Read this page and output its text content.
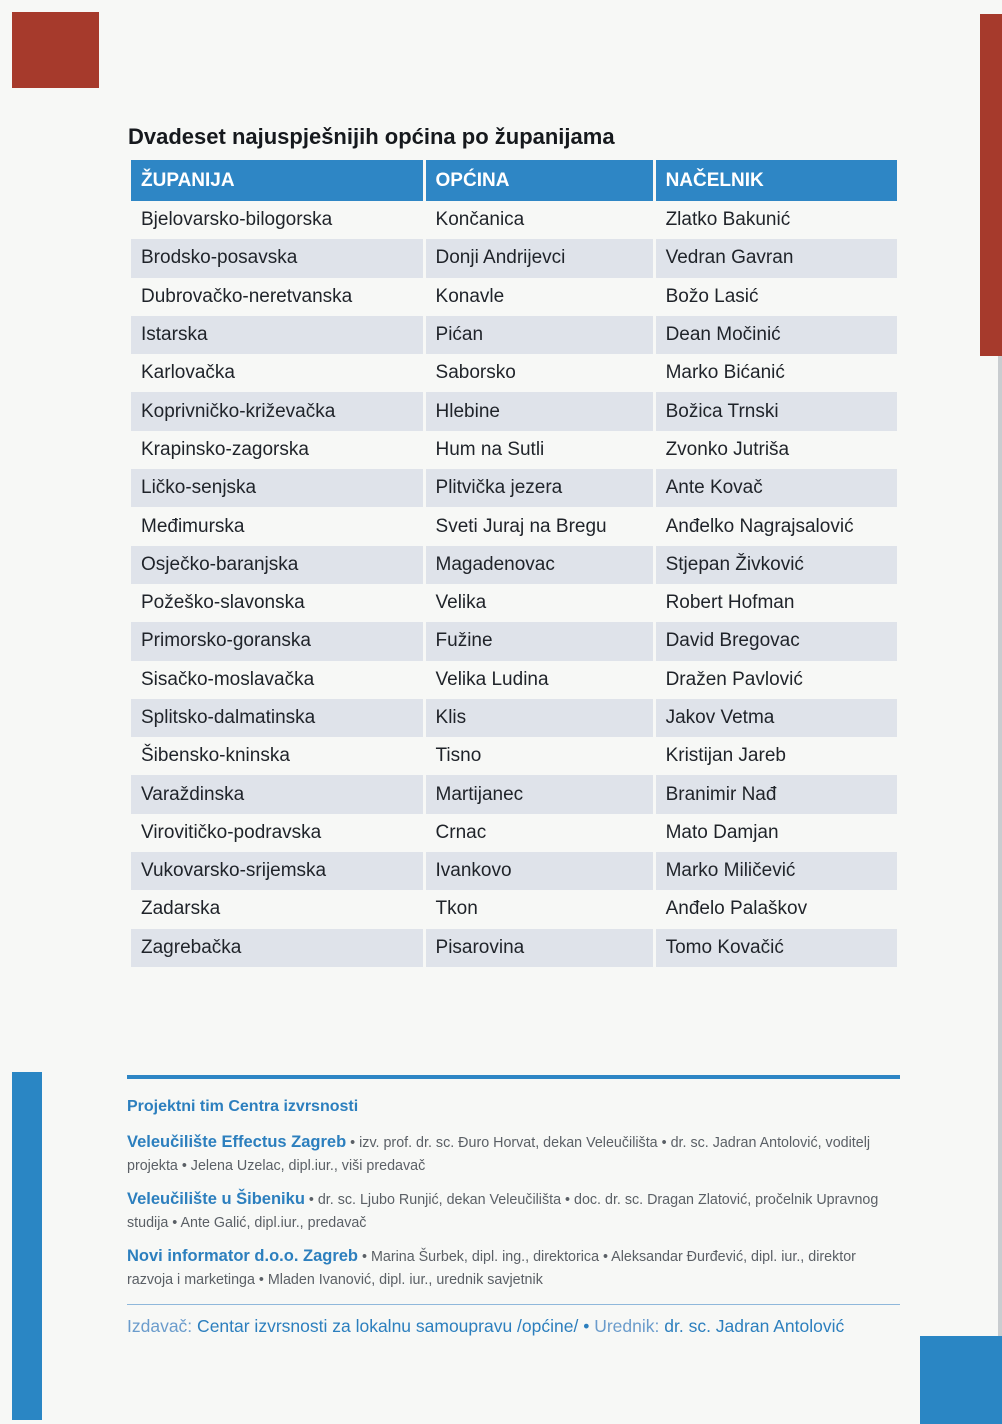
Dvadeset najuspješnijih općina po županijama
ŽUPANIJA	OPĆINA	NAČELNIK
Bjelovarsko-bilogorska	Končanica	Zlatko Bakunić
Brodsko-posavska	Donji Andrijevci	Vedran Gavran
Dubrovačko-neretvanska	Konavle	Božo Lasić
Istarska	Pićan	Dean Močinić
Karlovačka	Saborsko	Marko Bićanić
Koprivničko-križevačka	Hlebine	Božica Trnski
Krapinsko-zagorska	Hum na Sutli	Zvonko Jutriša
Ličko-senjska	Plitvička jezera	Ante Kovač
Međimurska	Sveti Juraj na Bregu	Anđelko Nagrajsalović
Osječko-baranjska	Magadenovac	Stjepan Živković
Požeško-slavonska	Velika	Robert Hofman
Primorsko-goranska	Fužine	David Bregovac
Sisačko-moslavačka	Velika Ludina	Dražen Pavlović
Splitsko-dalmatinska	Klis	Jakov Vetma
Šibensko-kninska	Tisno	Kristijan Jareb
Varaždinska	Martijanec	Branimir Nađ
Virovitičko-podravska	Crnac	Mato Damjan
Vukovarsko-srijemska	Ivankovo	Marko Miličević
Zadarska	Tkon	Anđelo Palaškov
Zagrebačka	Pisarovina	Tomo Kovačić
Projektni tim Centra izvrsnosti

Veleučilište Effectus Zagreb • izv. prof. dr. sc. Đuro Horvat, dekan Veleučilišta • dr. sc. Jadran Antolović, voditelj projekta • Jelena Uzelac, dipl.iur., viši predavač

Veleučilište u Šibeniku • dr. sc. Ljubo Runjić, dekan Veleučilišta • doc. dr. sc. Dragan Zlatović, pročelnik Upravnog studija • Ante Galić, dipl.iur., predavač

Novi informator d.o.o. Zagreb • Marina Šurbek, dipl. ing., direktorica • Aleksandar Đurđević, dipl. iur., direktor razvoja i marketinga • Mladen Ivanović, dipl. iur., urednik savjetnik

Izdavač: Centar izvrsnosti za lokalnu samoupravu /općine/ • Urednik: dr. sc. Jadran Antolović
